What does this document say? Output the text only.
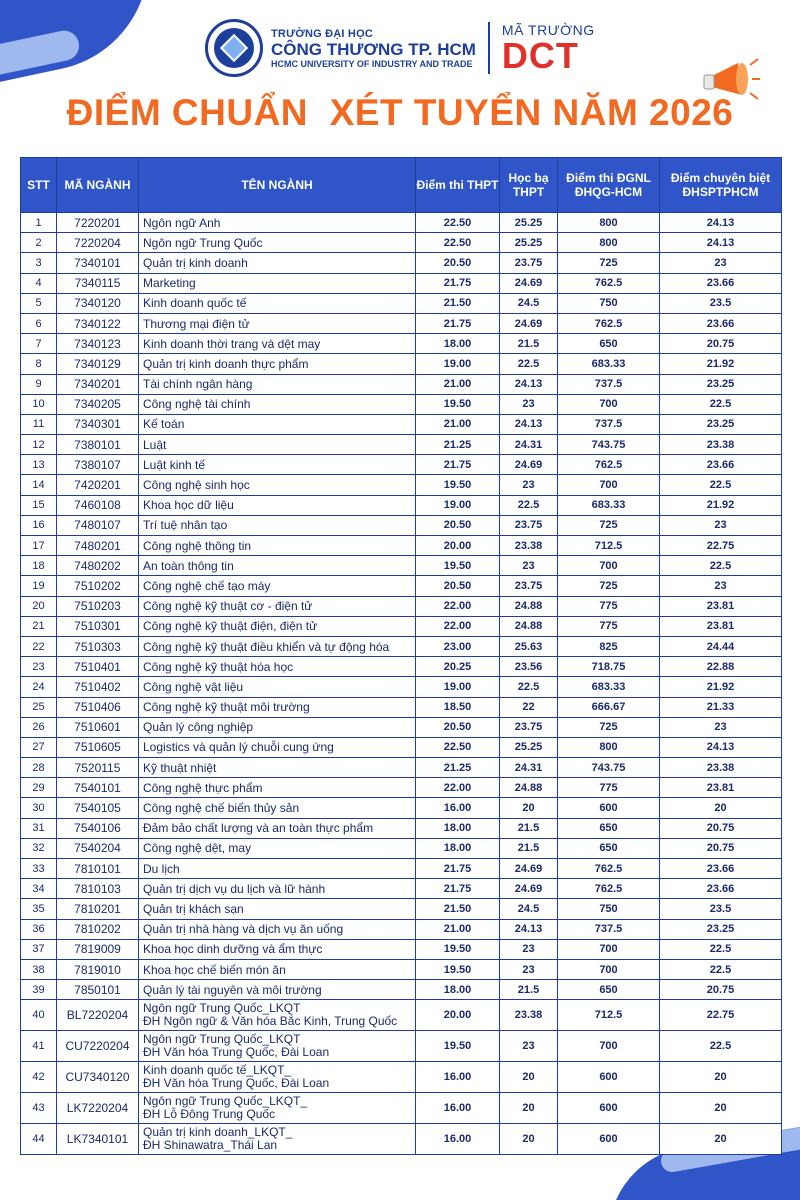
TRƯỜNG ĐẠI HỌC
CÔNG THƯƠNG TP. HCM
HCMC UNIVERSITY OF INDUSTRY AND TRADE
MÃ TRƯỜNG
DCT
ĐIỂM CHUẨN  XÉT TUYỂN NĂM 2026
STT	MÃ NGÀNH	TÊN NGÀNH	Điểm thi THPT	Học bạ THPT	Điểm thi ĐGNL ĐHQG-HCM	Điểm chuyên biệt ĐHSPTPHCM
1	7220201	Ngôn ngữ Anh	22.50	25.25	800	24.13
2	7220204	Ngôn ngữ Trung Quốc	22.50	25.25	800	24.13
3	7340101	Quản trị kinh doanh	20.50	23.75	725	23
4	7340115	Marketing	21.75	24.69	762.5	23.66
5	7340120	Kinh doanh quốc tế	21.50	24.5	750	23.5
6	7340122	Thương mại điện tử	21.75	24.69	762.5	23.66
7	7340123	Kinh doanh thời trang và dệt may	18.00	21.5	650	20.75
8	7340129	Quản trị kinh doanh thực phẩm	19.00	22.5	683.33	21.92
9	7340201	Tài chính ngân hàng	21.00	24.13	737.5	23.25
10	7340205	Công nghệ tài chính	19.50	23	700	22.5
11	7340301	Kế toán	21.00	24.13	737.5	23.25
12	7380101	Luật	21.25	24.31	743.75	23.38
13	7380107	Luật kinh tế	21.75	24.69	762.5	23.66
14	7420201	Công nghệ sinh học	19.50	23	700	22.5
15	7460108	Khoa học dữ liệu	19.00	22.5	683.33	21.92
16	7480107	Trí tuệ nhân tạo	20.50	23.75	725	23
17	7480201	Công nghệ thông tin	20.00	23.38	712.5	22.75
18	7480202	An toàn thông tin	19.50	23	700	22.5
19	7510202	Công nghệ chế tạo máy	20.50	23.75	725	23
20	7510203	Công nghệ kỹ thuật cơ - điện tử	22.00	24.88	775	23.81
21	7510301	Công nghệ kỹ thuật điện, điện tử	22.00	24.88	775	23.81
22	7510303	Công nghệ kỹ thuật điều khiển và tự động hóa	23.00	25.63	825	24.44
23	7510401	Công nghệ kỹ thuật hóa học	20.25	23.56	718.75	22.88
24	7510402	Công nghệ vật liệu	19.00	22.5	683.33	21.92
25	7510406	Công nghệ kỹ thuật môi trường	18.50	22	666.67	21.33
26	7510601	Quản lý công nghiệp	20.50	23.75	725	23
27	7510605	Logistics và quản lý chuỗi cung ứng	22.50	25.25	800	24.13
28	7520115	Kỹ thuật nhiệt	21.25	24.31	743.75	23.38
29	7540101	Công nghệ thực phẩm	22.00	24.88	775	23.81
30	7540105	Công nghệ chế biến thủy sản	16.00	20	600	20
31	7540106	Đảm bảo chất lượng và an toàn thực phẩm	18.00	21.5	650	20.75
32	7540204	Công nghệ dệt, may	18.00	21.5	650	20.75
33	7810101	Du lịch	21.75	24.69	762.5	23.66
34	7810103	Quản trị dịch vụ du lịch và lữ hành	21.75	24.69	762.5	23.66
35	7810201	Quản trị khách sạn	21.50	24.5	750	23.5
36	7810202	Quản trị nhà hàng và dịch vụ ăn uống	21.00	24.13	737.5	23.25
37	7819009	Khoa học dinh dưỡng và ẩm thực	19.50	23	700	22.5
38	7819010	Khoa học chế biến món ăn	19.50	23	700	22.5
39	7850101	Quản lý tài nguyên và môi trường	18.00	21.5	650	20.75
40	BL7220204	Ngôn ngữ Trung Quốc_LKQT
ĐH Ngôn ngữ & Văn hóa Bắc Kinh, Trung Quốc	20.00	23.38	712.5	22.75
41	CU7220204	Ngôn ngữ Trung Quốc_LKQT
ĐH Văn hóa Trung Quốc, Đài Loan	19.50	23	700	22.5
42	CU7340120	Kinh doanh quốc tế_LKQT_
ĐH Văn hóa Trung Quốc, Đài Loan	16.00	20	600	20
43	LK7220204	Ngôn ngữ Trung Quốc_LKQT_
ĐH Lỗ Đông Trung Quốc	16.00	20	600	20
44	LK7340101	Quản trị kinh doanh_LKQT_
ĐH Shinawatra_Thái Lan	16.00	20	600	20
